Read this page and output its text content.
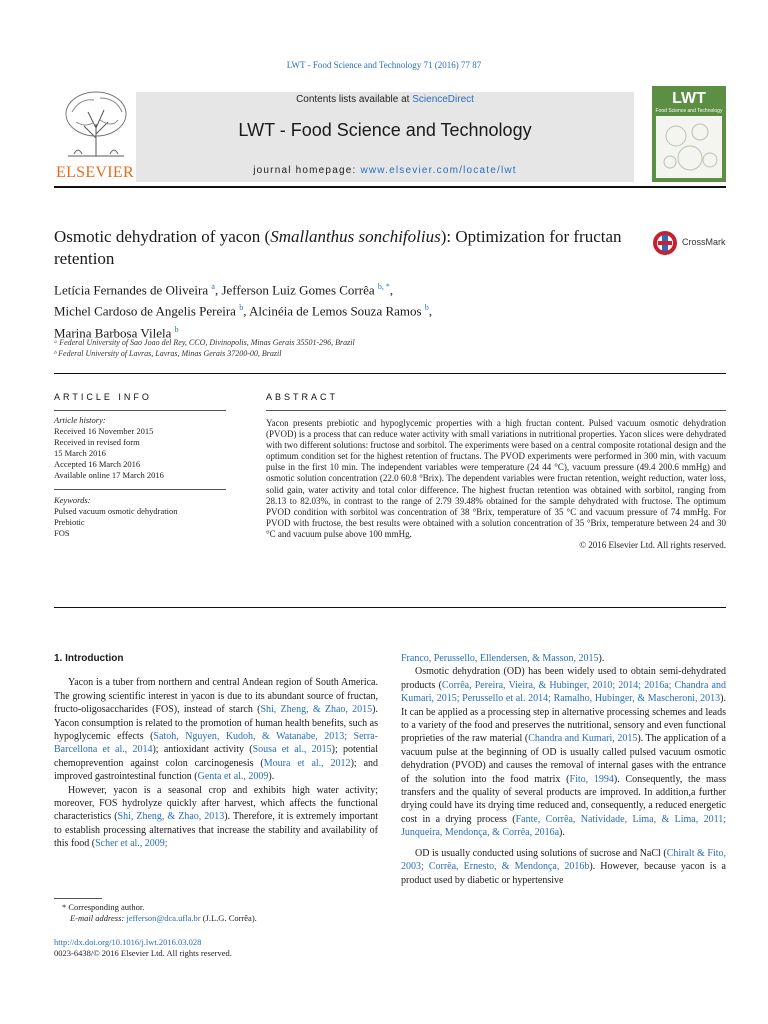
LWT - Food Science and Technology 71 (2016) 77 87
ELSEVIER
Contents lists available at ScienceDirect
LWT - Food Science and Technology
journal homepage: www.elsevier.com/locate/lwt
LWT
Food Science and Technology
Osmotic dehydration of yacon (Smallanthus sonchifolius): Optimization for fructan retention
CrossMark
Letícia Fernandes de Oliveira $^a$, Jefferson Luiz Gomes Corrêa $^{b, *}$,
Michel Cardoso de Angelis Pereira $^b$, Alcinéia de Lemos Souza Ramos $^b$,
Marina Barbosa Vilela $^b$
ᵃ Federal University of Sao Joao del Rey, CCO, Divinopolis, Minas Gerais 35501-296, Brazil
ᵇ Federal University of Lavras, Lavras, Minas Gerais 37200-00, Brazil
ARTICLE INFO
Article history:
Received 16 November 2015
Received in revised form
15 March 2016
Accepted 16 March 2016
Available online 17 March 2016
Keywords:
Pulsed vacuum osmotic dehydration
Prebiotic
FOS
ABSTRACT
Yacon presents prebiotic and hypoglycemic properties with a high fructan content. Pulsed vacuum osmotic dehydration (PVOD) is a process that can reduce water activity with small variations in nutritional properties. Yacon slices were dehydrated with two different solutions: fructose and sorbitol. The experiments were based on a central composite rotational design and the optimum condition set for the highest retention of fructans. The PVOD experiments were performed in 300 min, with vacuum pulse in the first 10 min. The independent variables were temperature (24 44 °C), vacuum pressure (49.4 200.6 mmHg) and osmotic solution concentration (22.0 60.8 °Brix). The dependent variables were fructan retention, weight reduction, water loss, solid gain, water activity and total color difference. The highest fructan retention was obtained with sorbitol, ranging from 28.13 to 82.03%, in contrast to the range of 2.79 39.48% obtained for the sample dehydrated with fructose. The optimum PVOD condition with sorbitol was concentration of 38 °Brix, temperature of 35 °C and vacuum pressure of 74 mmHg. For PVOD with fructose, the best results were obtained with a solution concentration of 35 °Brix, temperature between 24 and 30 °C and vacuum pulse above 100 mmHg.
© 2016 Elsevier Ltd. All rights reserved.
1. Introduction

Yacon is a tuber from northern and central Andean region of South America. The growing scientific interest in yacon is due to its abundant source of fructan, fructo-oligosaccharides (FOS), instead of starch (Shi, Zheng, & Zhao, 2015). Yacon consumption is related to the promotion of human health benefits, such as hypoglycemic effects (Satoh, Nguyen, Kudoh, & Watanabe, 2013; Serra-Barcellona et al., 2014); antioxidant activity (Sousa et al., 2015); potential chemoprevention against colon carcinogenesis (Moura et al., 2012); and improved gastrointestinal function (Genta et al., 2009).

However, yacon is a seasonal crop and exhibits high water activity; moreover, FOS hydrolyze quickly after harvest, which affects the functional characteristics (Shi, Zheng, & Zhao, 2013). Therefore, it is extremely important to establish processing alternatives that increase the stability and availability of this food (Scher et al., 2009;

Franco, Perussello, Ellendersen, & Masson, 2015).

Osmotic dehydration (OD) has been widely used to obtain semi-dehydrated products (Corrêa, Pereira, Vieira, & Hubinger, 2010; 2014; 2016a; Chandra and Kumari, 2015; Perussello et al. 2014; Ramalho, Hubinger, & Mascheroni, 2013). It can be applied as a processing step in alternative processing schemes and leads to a variety of the food and preserves the nutritional, sensory and even functional proprieties of the raw material (Chandra and Kumari, 2015). The application of a vacuum pulse at the beginning of OD is usually called pulsed vacuum osmotic dehydration (PVOD) and causes the removal of internal gases with the entrance of the solution into the food matrix (Fito, 1994). Consequently, the mass transfers and the quality of several products are improved. In addition,a further drying could have its drying time reduced and, consequently, a reduced energetic cost in a drying process (Fante, Corrêa, Natividade, Lima, & Lima, 2011; Junqueira, Mendonça, & Corrêa, 2016a).

OD is usually conducted using solutions of sucrose and NaCl (Chiralt & Fito, 2003; Corrêa, Ernesto, & Mendonça, 2016b). However, because yacon is a product used by diabetic or hypertensive

* Corresponding author.
E-mail address: jefferson@dca.ufla.br (J.L.G. Corrêa).
http://dx.doi.org/10.1016/j.lwt.2016.03.028
0023-6438/© 2016 Elsevier Ltd. All rights reserved.
